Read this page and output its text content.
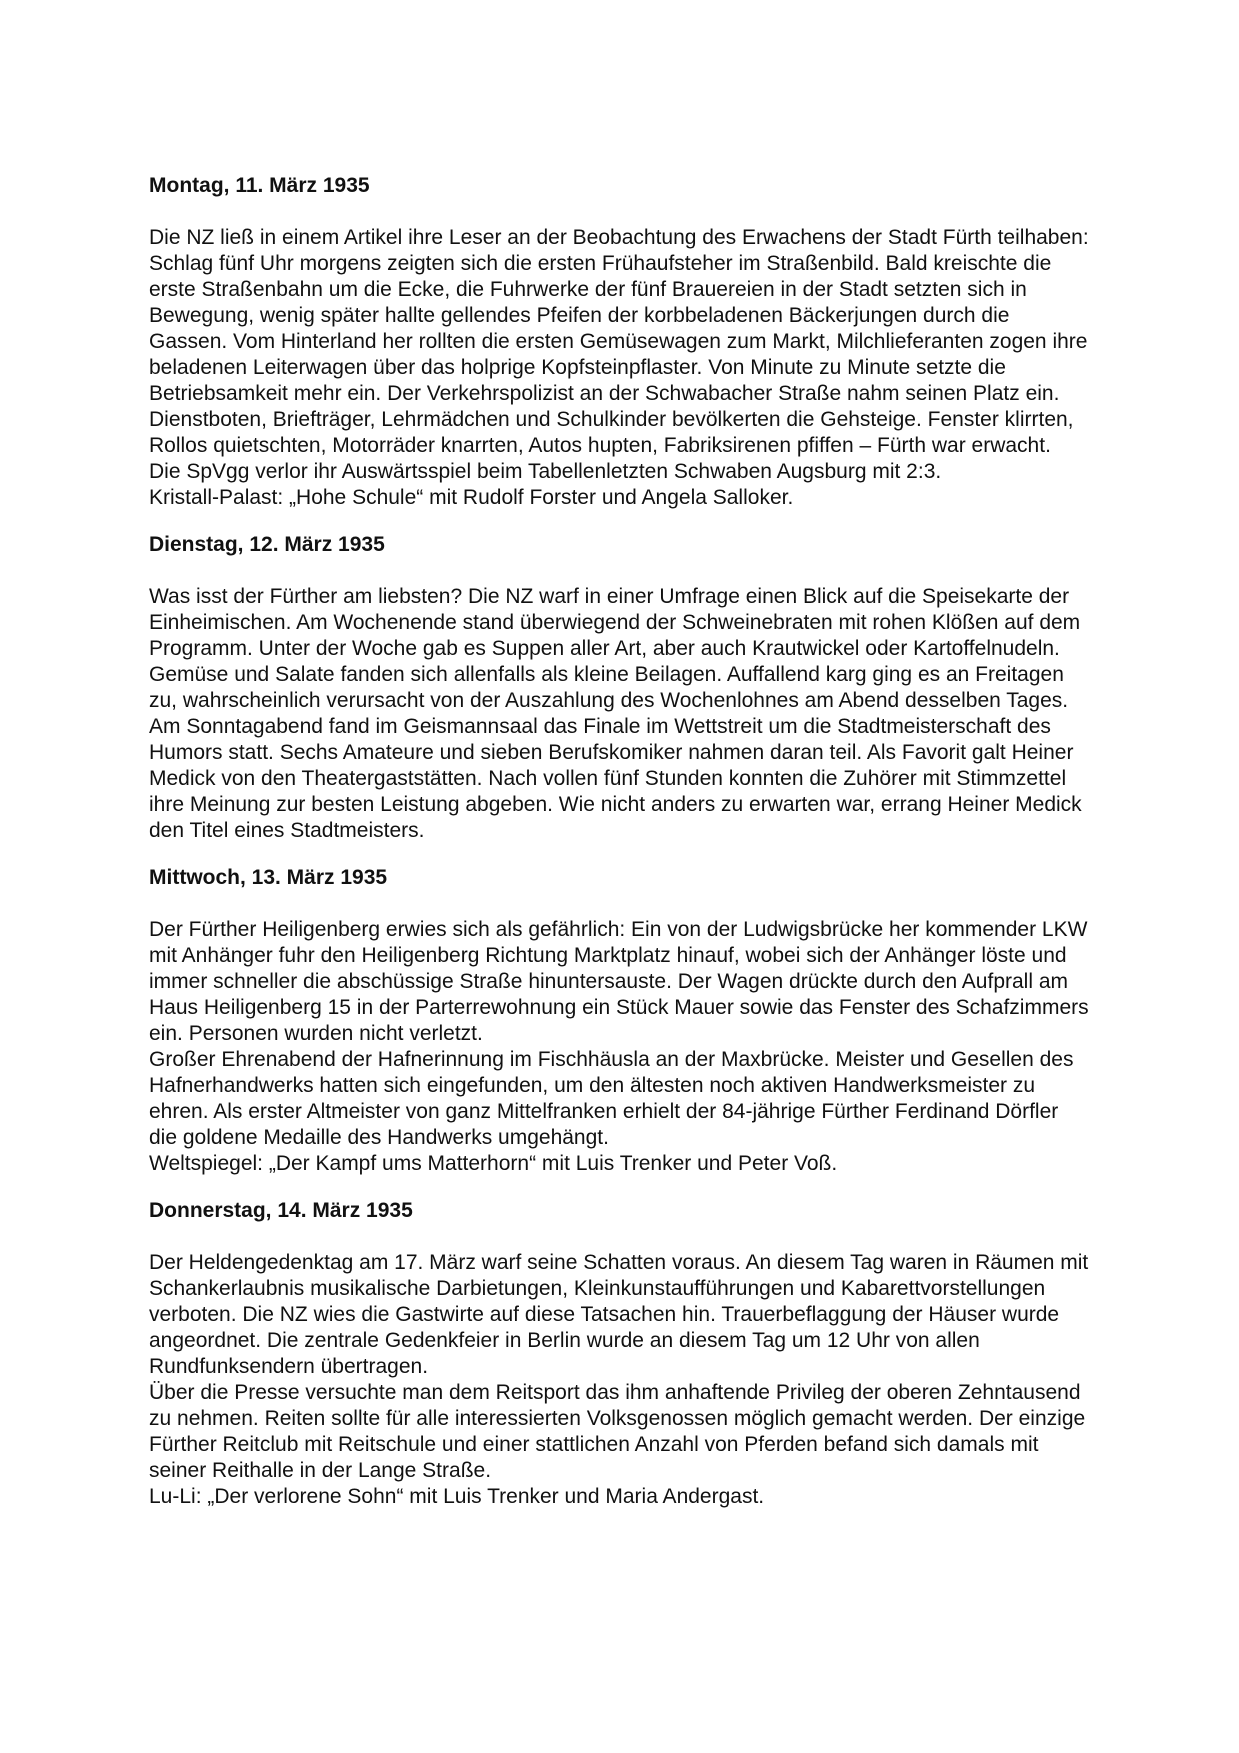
Montag, 11. März 1935

Die NZ ließ in einem Artikel ihre Leser an der Beobachtung des Erwachens der Stadt Fürth teilhaben: Schlag fünf Uhr morgens zeigten sich die ersten Frühaufsteher im Straßenbild. Bald kreischte die erste Straßenbahn um die Ecke, die Fuhrwerke der fünf Brauereien in der Stadt setzten sich in Bewegung, wenig später hallte gellendes Pfeifen der korbbeladenen Bäckerjungen durch die Gassen. Vom Hinterland her rollten die ersten Gemüsewagen zum Markt, Milchlieferanten zogen ihre beladenen Leiterwagen über das holprige Kopfsteinpflaster. Von Minute zu Minute setzte die Betriebsamkeit mehr ein. Der Verkehrspolizist an der Schwabacher Straße nahm seinen Platz ein. Dienstboten, Briefträger, Lehrmädchen und Schulkinder bevölkerten die Gehsteige. Fenster klirrten, Rollos quietschten, Motorräder knarrten, Autos hupten, Fabriksirenen pfiffen – Fürth war erwacht.

Die SpVgg verlor ihr Auswärtsspiel beim Tabellenletzten Schwaben Augsburg mit 2:3.

Kristall-Palast: „Hohe Schule“ mit Rudolf Forster und Angela Salloker.

Dienstag, 12. März 1935

Was isst der Fürther am liebsten? Die NZ warf in einer Umfrage einen Blick auf die Speisekarte der Einheimischen. Am Wochenende stand überwiegend der Schweinebraten mit rohen Klößen auf dem Programm. Unter der Woche gab es Suppen aller Art, aber auch Krautwickel oder Kartoffelnudeln. Gemüse und Salate fanden sich allenfalls als kleine Beilagen. Auffallend karg ging es an Freitagen zu, wahrscheinlich verursacht von der Auszahlung des Wochenlohnes am Abend desselben Tages.

Am Sonntagabend fand im Geismannsaal das Finale im Wettstreit um die Stadtmeisterschaft des Humors statt. Sechs Amateure und sieben Berufskomiker nahmen daran teil. Als Favorit galt Heiner Medick von den Theatergaststätten. Nach vollen fünf Stunden konnten die Zuhörer mit Stimmzettel ihre Meinung zur besten Leistung abgeben. Wie nicht anders zu erwarten war, errang Heiner Medick den Titel eines Stadtmeisters.

Mittwoch, 13. März 1935

Der Fürther Heiligenberg erwies sich als gefährlich: Ein von der Ludwigsbrücke her kommender LKW mit Anhänger fuhr den Heiligenberg Richtung Marktplatz hinauf, wobei sich der Anhänger löste und immer schneller die abschüssige Straße hinuntersauste. Der Wagen drückte durch den Aufprall am Haus Heiligenberg 15 in der Parterrewohnung ein Stück Mauer sowie das Fenster des Schafzimmers ein. Personen wurden nicht verletzt.

Großer Ehrenabend der Hafnerinnung im Fischhäusla an der Maxbrücke. Meister und Gesellen des Hafnerhandwerks hatten sich eingefunden, um den ältesten noch aktiven Handwerksmeister zu ehren. Als erster Altmeister von ganz Mittelfranken erhielt der 84-jährige Fürther Ferdinand Dörfler die goldene Medaille des Handwerks umgehängt.

Weltspiegel: „Der Kampf ums Matterhorn“ mit Luis Trenker und Peter Voß.

Donnerstag, 14. März 1935

Der Heldengedenktag am 17. März warf seine Schatten voraus. An diesem Tag waren in Räumen mit Schankerlaubnis musikalische Darbietungen, Kleinkunstaufführungen und Kabarettvorstellungen verboten. Die NZ wies die Gastwirte auf diese Tatsachen hin. Trauerbeflaggung der Häuser wurde angeordnet. Die zentrale Gedenkfeier in Berlin wurde an diesem Tag um 12 Uhr von allen Rundfunksendern übertragen.

Über die Presse versuchte man dem Reitsport das ihm anhaftende Privileg der oberen Zehntausend zu nehmen. Reiten sollte für alle interessierten Volksgenossen möglich gemacht werden. Der einzige Fürther Reitclub mit Reitschule und einer stattlichen Anzahl von Pferden befand sich damals mit seiner Reithalle in der Lange Straße.

Lu-Li: „Der verlorene Sohn“ mit Luis Trenker und Maria Andergast.
